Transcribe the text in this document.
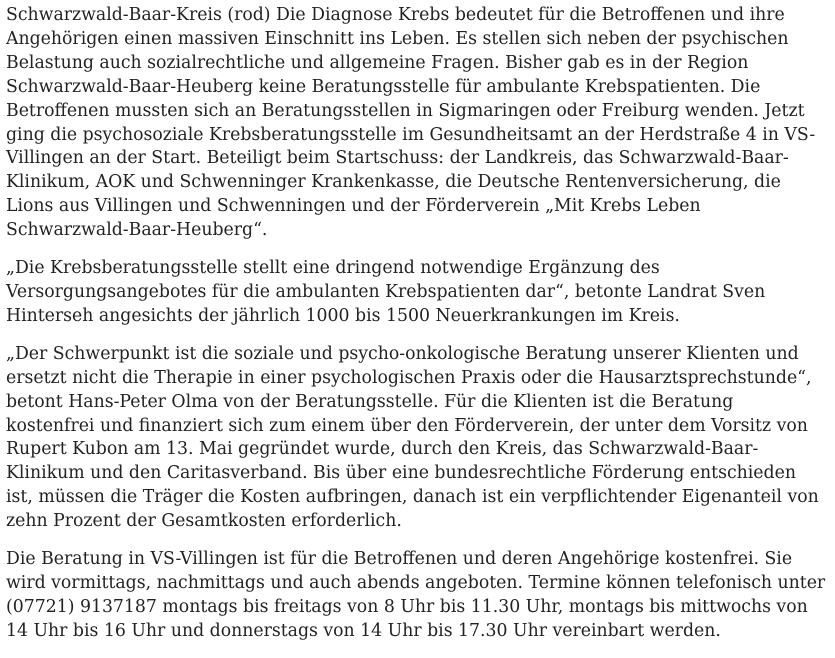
Schwarzwald-Baar-Kreis (rod) Die Diagnose Krebs bedeutet für die Betroffenen und ihre Angehörigen einen massiven Einschnitt ins Leben. Es stellen sich neben der psychischen Belastung auch sozialrechtliche und allgemeine Fragen. Bisher gab es in der Region Schwarzwald-Baar-Heuberg keine Beratungsstelle für ambulante Krebspatienten. Die Betroffenen mussten sich an Beratungsstellen in Sigmaringen oder Freiburg wenden. Jetzt ging die psychosoziale Krebsberatungsstelle im Gesundheitsamt an der Herdstraße 4 in VS-Villingen an der Start. Beteiligt beim Startschuss: der Landkreis, das Schwarzwald-Baar-Klinikum, AOK und Schwenninger Krankenkasse, die Deutsche Rentenversicherung, die Lions aus Villingen und Schwenningen und der Förderverein „Mit Krebs Leben Schwarzwald-Baar-Heuberg“.

„Die Krebsberatungsstelle stellt eine dringend notwendige Ergänzung des Versorgungsangebotes für die ambulanten Krebspatienten dar“, betonte Landrat Sven Hinterseh angesichts der jährlich 1000 bis 1500 Neuerkrankungen im Kreis.

„Der Schwerpunkt ist die soziale und psycho-onkologische Beratung unserer Klienten und ersetzt nicht die Therapie in einer psychologischen Praxis oder die Hausarztsprechstunde“, betont Hans-Peter Olma von der Beratungsstelle. Für die Klienten ist die Beratung kostenfrei und finanziert sich zum einem über den Förderverein, der unter dem Vorsitz von Rupert Kubon am 13. Mai gegründet wurde, durch den Kreis, das Schwarzwald-Baar-Klinikum und den Caritasverband. Bis über eine bundesrechtliche Förderung entschieden ist, müssen die Träger die Kosten aufbringen, danach ist ein verpflichtender Eigenanteil von zehn Prozent der Gesamtkosten erforderlich.

Die Beratung in VS-Villingen ist für die Betroffenen und deren Angehörige kostenfrei. Sie wird vormittags, nachmittags und auch abends angeboten. Termine können telefonisch unter (07721) 9137187 montags bis freitags von 8 Uhr bis 11.30 Uhr, montags bis mittwochs von 14 Uhr bis 16 Uhr und donnerstags von 14 Uhr bis 17.30 Uhr vereinbart werden.
